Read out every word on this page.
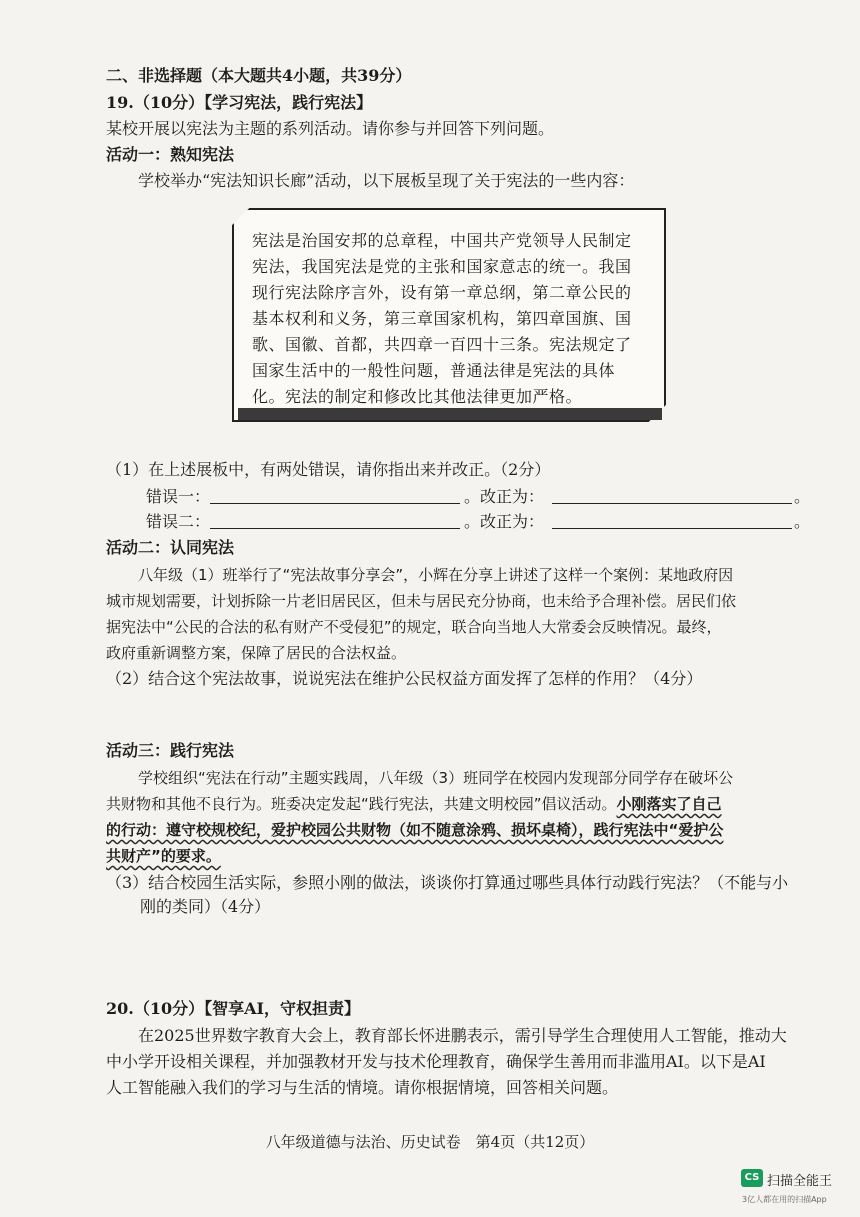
二、非选择题（本大题共4小题，共39分）
19.（10分）【学习宪法，践行宪法】
某校开展以宪法为主题的系列活动。请你参与并回答下列问题。
活动一：熟知宪法
学校举办“宪法知识长廊”活动，以下展板呈现了关于宪法的一些内容：
宪法是治国安邦的总章程，中国共产党领导人民制定宪法，我国宪法是党的主张和国家意志的统一。我国现行宪法除序言外，设有第一章总纲，第二章公民的基本权利和义务，第三章国家机构，第四章国旗、国歌、国徽、首都，共四章一百四十三条。宪法规定了国家生活中的一般性问题，普通法律是宪法的具体化。宪法的制定和修改比其他法律更加严格。
（1）在上述展板中，有两处错误，请你指出来并改正。（2分）
错误一：	。改正为：	。
错误二：	。改正为：	。
活动二：认同宪法
八年级（1）班举行了“宪法故事分享会”，小辉在分享上讲述了这样一个案例：某地政府因
城市规划需要，计划拆除一片老旧居民区，但未与居民充分协商，也未给予合理补偿。居民们依
据宪法中“公民的合法的私有财产不受侵犯”的规定，联合向当地人大常委会反映情况。最终，
政府重新调整方案，保障了居民的合法权益。
（2）结合这个宪法故事，说说宪法在维护公民权益方面发挥了怎样的作用？（4分）
活动三：践行宪法
学校组织“宪法在行动”主题实践周，八年级（3）班同学在校园内发现部分同学存在破坏公
共财物和其他不良行为。班委决定发起“践行宪法，共建文明校园”倡议活动。小刚落实了自己
的行动：遵守校规校纪，爱护校园公共财物（如不随意涂鸦、损坏桌椅），践行宪法中“爱护公
共财产”的要求。
（3）结合校园生活实际，参照小刚的做法，谈谈你打算通过哪些具体行动践行宪法？（不能与小
刚的类同）（4分）
20.（10分）【智享AI，守权担责】
在2025世界数字教育大会上，教育部长怀进鹏表示，需引导学生合理使用人工智能，推动大
中小学开设相关课程，并加强教材开发与技术伦理教育，确保学生善用而非滥用AI。以下是AI
人工智能融入我们的学习与生活的情境。请你根据情境，回答相关问题。
八年级道德与法治、历史试卷　第4页（共12页）
CS 扫描全能王
3亿人都在用的扫描App
